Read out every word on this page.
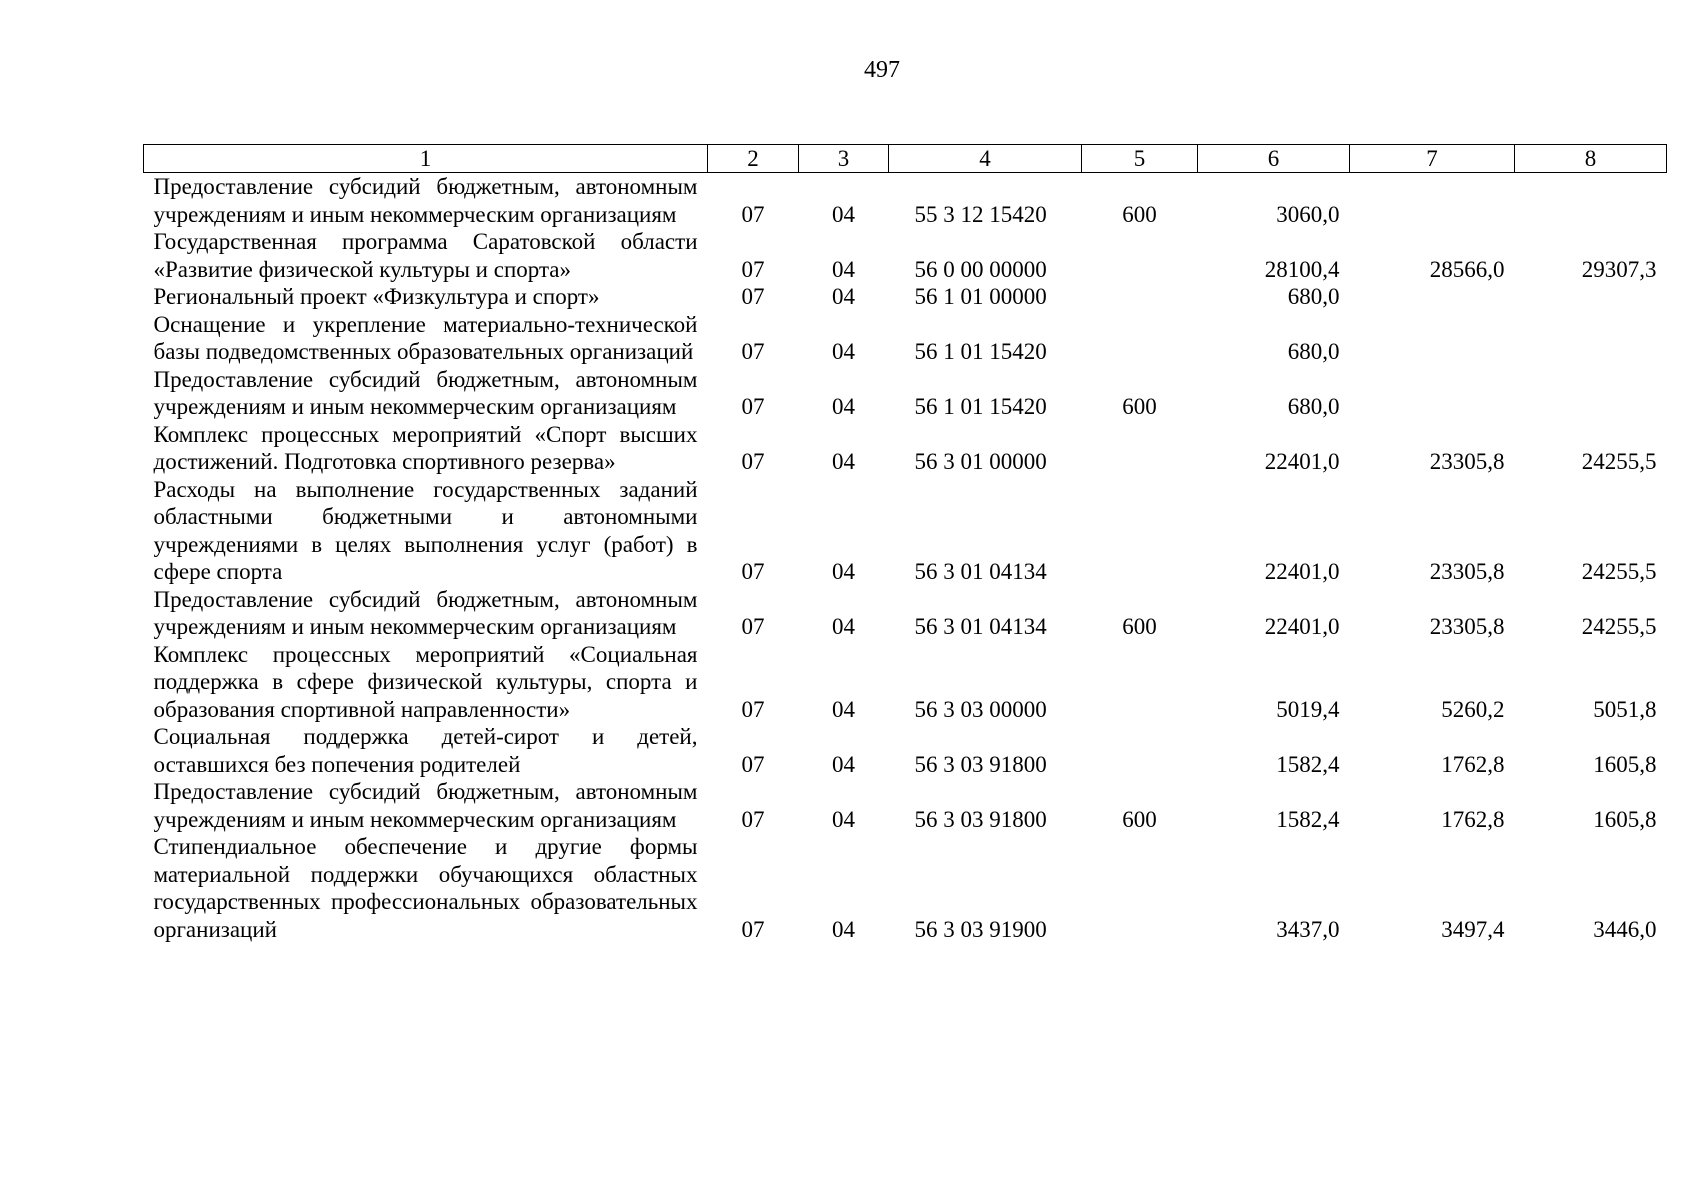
497
1	2	3	4	5	6	7	8
Предоставление субсидий бюджетным, автономным учреждениям и иным некоммерческим организациям	07	04	55 3 12 15420	600	3060,0		
Государственная программа Саратовской области «Развитие физической культуры и спорта»	07	04	56 0 00 00000		28100,4	28566,0	29307,3
Региональный проект «Физкультура и спорт»	07	04	56 1 01 00000		680,0		
Оснащение и укрепление материально-технической базы подведомственных образовательных организаций	07	04	56 1 01 15420		680,0		
Предоставление субсидий бюджетным, автономным учреждениям и иным некоммерческим организациям	07	04	56 1 01 15420	600	680,0		
Комплекс процессных мероприятий «Спорт высших достижений. Подготовка спортивного резерва»	07	04	56 3 01 00000		22401,0	23305,8	24255,5
Расходы на выполнение государственных заданий областными бюджетными и автономными учреждениями в целях выполнения услуг (работ) в сфере спорта	07	04	56 3 01 04134		22401,0	23305,8	24255,5
Предоставление субсидий бюджетным, автономным учреждениям и иным некоммерческим организациям	07	04	56 3 01 04134	600	22401,0	23305,8	24255,5
Комплекс процессных мероприятий «Социальная поддержка в сфере физической культуры, спорта и образования спортивной направленности»	07	04	56 3 03 00000		5019,4	5260,2	5051,8
Социальная поддержка детей-сирот и детей, оставшихся без попечения родителей	07	04	56 3 03 91800		1582,4	1762,8	1605,8
Предоставление субсидий бюджетным, автономным учреждениям и иным некоммерческим организациям	07	04	56 3 03 91800	600	1582,4	1762,8	1605,8
Стипендиальное обеспечение и другие формы материальной поддержки обучающихся областных государственных профессиональных образовательных организаций	07	04	56 3 03 91900		3437,0	3497,4	3446,0
